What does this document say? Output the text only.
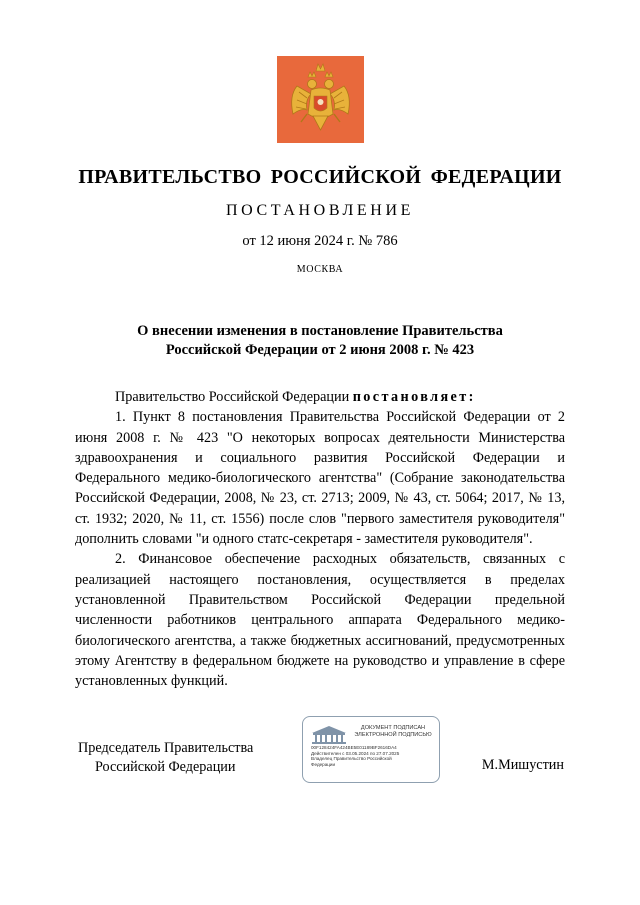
ПРАВИТЕЛЬСТВО РОССИЙСКОЙ ФЕДЕРАЦИИ
ПОСТАНОВЛЕНИЕ
от 12 июня 2024 г. № 786
МОСКВА
О внесении изменения в постановление Правительства
Российской Федерации от 2 июня 2008 г. № 423

Правительство Российской Федерации постановляет:

1. Пункт 8 постановления Правительства Российской Федерации от 2 июня 2008 г. № 423 "О некоторых вопросах деятельности Министерства здравоохранения и социального развития Российской Федерации и Федерального медико-биологического агентства" (Собрание законодательства Российской Федерации, 2008, № 23, ст. 2713; 2009, № 43, ст. 5064; 2017, № 13, ст. 1932; 2020, № 11, ст. 1556) после слов "первого заместителя руководителя" дополнить словами "и одного статс-секретаря - заместителя руководителя".

2. Финансовое обеспечение расходных обязательств, связанных с реализацией настоящего постановления, осуществляется в пределах установленной Правительством Российской Федерации предельной численности работников центрального аппарата Федерального медико-биологического агентства, а также бюджетных ассигнований, предусмотренных этому Агентству в федеральном бюджете на руководство и управление в сфере установленных функций.

Председатель Правительства
Российской Федерации	М.Мишустин
ДОКУМЕНТ ПОДПИСАН
ЭЛЕКТРОННОЙ ПОДПИСЬЮ
00F128424FA424BE5E01189BF2616DA4
Действителен с 03.05.2024 по 27.07.2025
Владелец Правительство Российской
Федерации
